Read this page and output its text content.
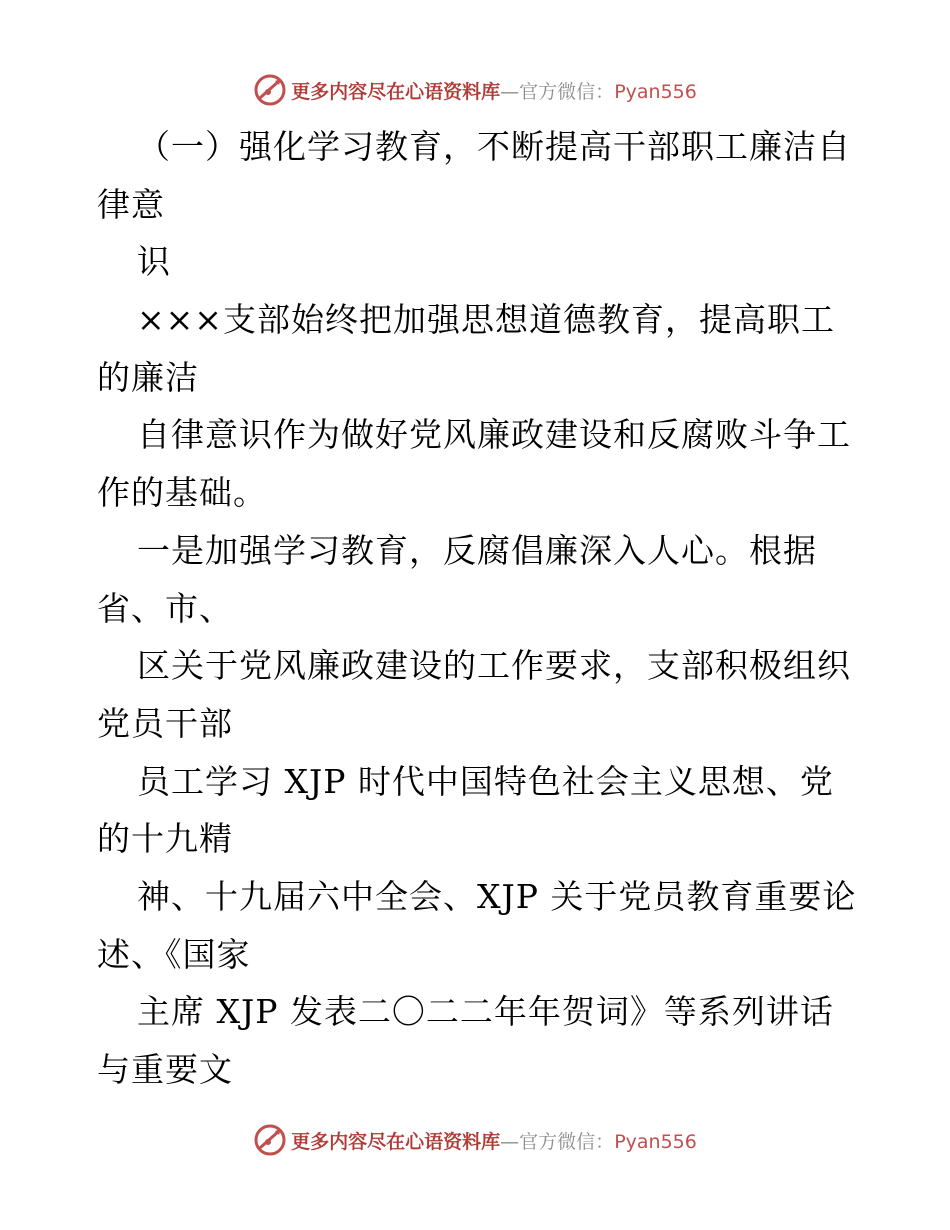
更多内容尽在心语资料库—官方微信：Pyan556
（一）强化学习教育，不断提高干部职工廉洁自
律意
识
×××支部始终把加强思想道德教育，提高职工
的廉洁
自律意识作为做好党风廉政建设和反腐败斗争工
作的基础。
一是加强学习教育，反腐倡廉深入人心。根据
省、市、
区关于党风廉政建设的工作要求，支部积极组织
党员干部
员工学习 XJP 时代中国特色社会主义思想、党
的十九精
神、十九届六中全会、XJP 关于党员教育重要论
述、《国家
主席 XJP 发表二〇二二年年贺词》等系列讲话
与重要文
更多内容尽在心语资料库—官方微信：Pyan556
